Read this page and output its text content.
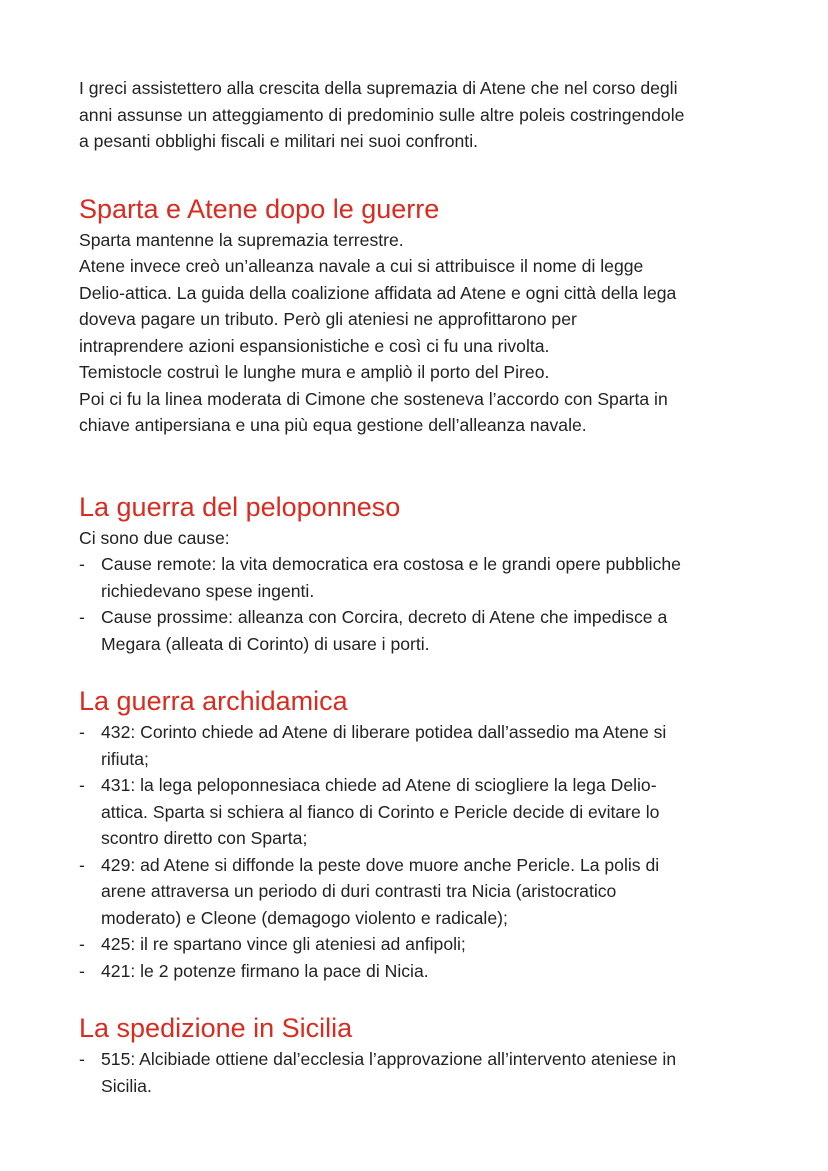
I greci assistettero alla crescita della supremazia di Atene che nel corso degli
anni assunse un atteggiamento di predominio sulle altre poleis costringendole
a pesanti obblighi fiscali e militari nei suoi confronti.

Sparta e Atene dopo le guerre

Sparta mantenne la supremazia terrestre.
Atene invece creò un’alleanza navale a cui si attribuisce il nome di legge
Delio-attica. La guida della coalizione affidata ad Atene e ogni città della lega
doveva pagare un tributo. Però gli ateniesi ne approfittarono per
intraprendere azioni espansionistiche e così ci fu una rivolta.
Temistocle costruì le lunghe mura e ampliò il porto del Pireo.
Poi ci fu la linea moderata di Cimone che sosteneva l’accordo con Sparta in
chiave antipersiana e una più equa gestione dell’alleanza navale.

La guerra del peloponneso

Ci sono due cause:

- Cause remote: la vita democratica era costosa e le grandi opere pubbliche
richiedevano spese ingenti.
- Cause prossime: alleanza con Corcira, decreto di Atene che impedisce a
Megara (alleata di Corinto) di usare i porti.
La guerra archidamica
- 432: Corinto chiede ad Atene di liberare potidea dall’assedio ma Atene si
rifiuta;
- 431: la lega peloponnesiaca chiede ad Atene di sciogliere la lega Delio-
attica. Sparta si schiera al fianco di Corinto e Pericle decide di evitare lo
scontro diretto con Sparta;
- 429: ad Atene si diffonde la peste dove muore anche Pericle. La polis di
arene attraversa un periodo di duri contrasti tra Nicia (aristocratico
moderato) e Cleone (demagogo violento e radicale);
- 425: il re spartano vince gli ateniesi ad anfipoli;
- 421: le 2 potenze firmano la pace di Nicia.
La spedizione in Sicilia
- 515: Alcibiade ottiene dal’ecclesia l’approvazione all’intervento ateniese in
Sicilia.
